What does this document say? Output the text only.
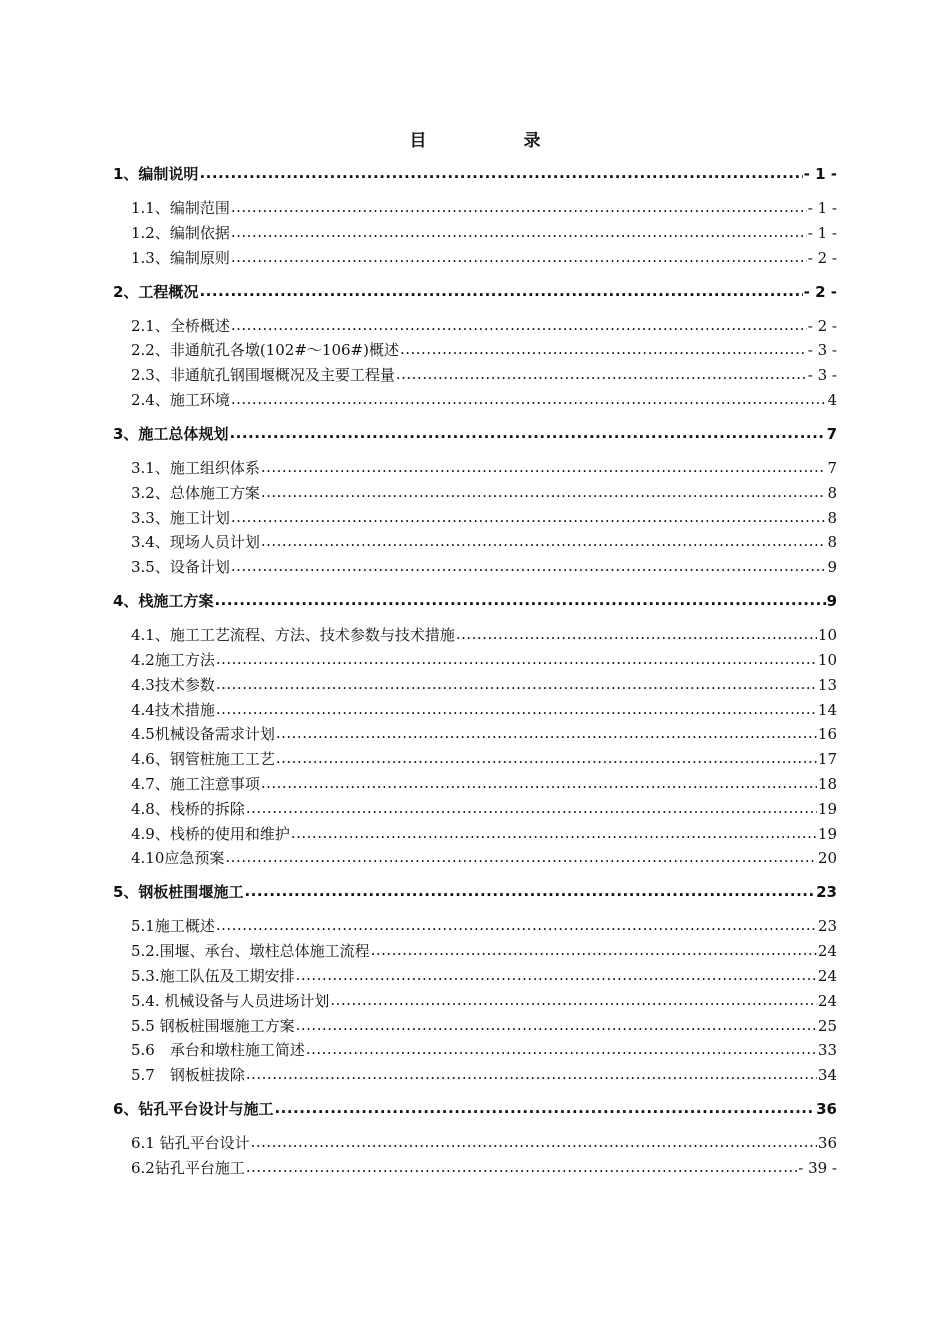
目　录
1、编制说明 .....	- 1 -
1.1、编制范围 .....	- 1 -
1.2、编制依据 .....	- 1 -
1.3、编制原则 .....	- 2 -
2、工程概况 .....	- 2 -
2.1、全桥概述 .....	- 2 -
2.2、非通航孔各墩(102#～106#)概述 .....	- 3 -
2.3、非通航孔钢围堰概况及主要工程量 .....	- 3 -
2.4、施工环境 .....	4
3、施工总体规划 .....	7
3.1、施工组织体系 .....	7
3.2、总体施工方案 .....	8
3.3、施工计划 .....	8
3.4、现场人员计划 .....	8
3.5、设备计划 .....	9
4、栈施工方案 .....	9
4.1、施工工艺流程、方法、技术参数与技术措施 .....	10
4.2施工方法 .....	10
4.3技术参数 .....	13
4.4技术措施 .....	14
4.5机械设备需求计划 .....	16
4.6、钢管桩施工工艺 .....	17
4.7、施工注意事项 .....	18
4.8、栈桥的拆除 .....	19
4.9、栈桥的使用和维护 .....	19
4.10应急预案 .....	20
5、钢板桩围堰施工 .....	23
5.1施工概述 .....	23
5.2.围堰、承台、墩柱总体施工流程 .....	24
5.3.施工队伍及工期安排 .....	24
5.4. 机械设备与人员进场计划 .....	24
5.5 钢板桩围堰施工方案 .....	25
5.6　承台和墩柱施工简述 .....	33
5.7　钢板桩拔除 .....	34
6、钻孔平台设计与施工 .....	36
6.1 钻孔平台设计 .....	36
6.2钻孔平台施工 .....	- 39 -
